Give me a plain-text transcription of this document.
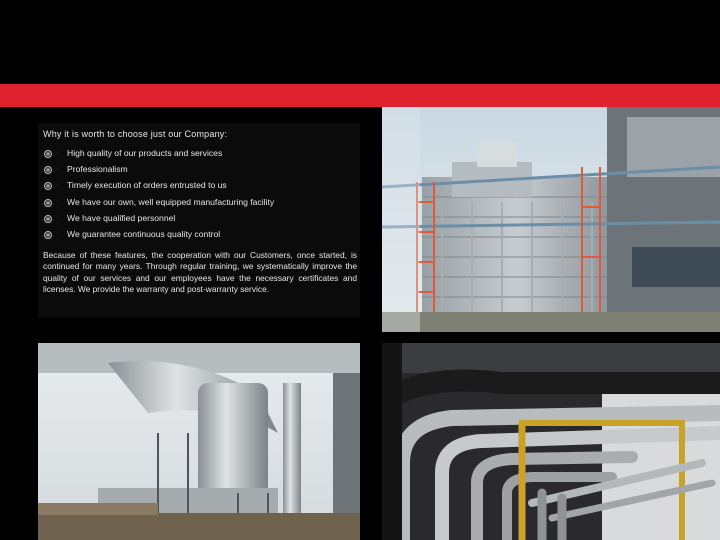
Why it is worth to choose just our Company:
· High quality of our products and services
· Professionalism
· Timely execution of orders entrusted to us
· We have our own, well equipped manufacturing facility
· We have qualified personnel
· We guarantee continuous quality control
Because of these features, the cooperation with our Customers, once started, is continued for many years. Through regular training, we systematically improve the quality of our services and our employees have the necessary certificates and licenses. We provide the warranty and post-warranty service.
